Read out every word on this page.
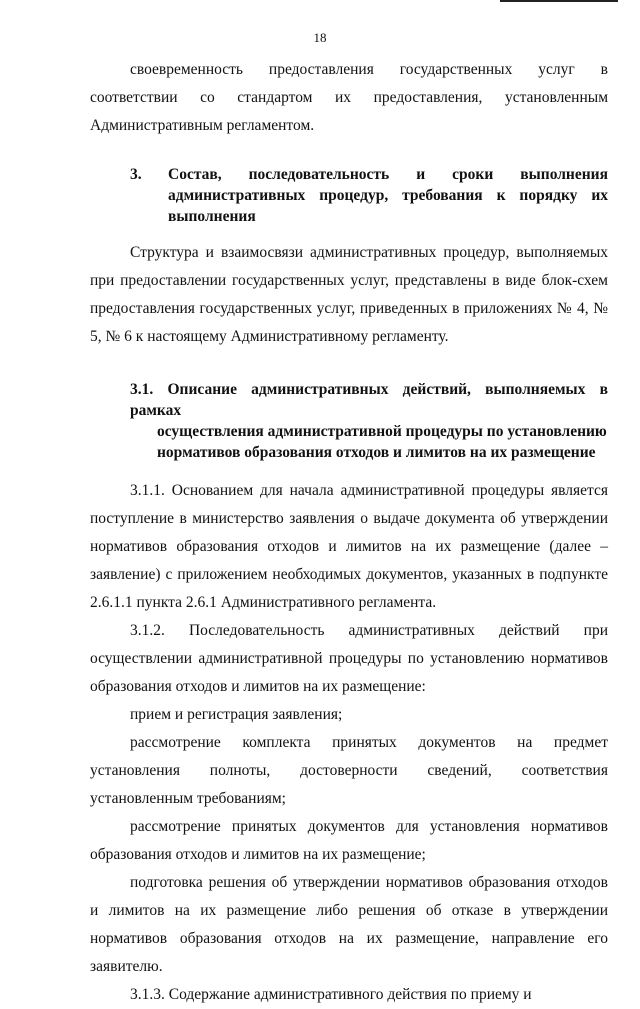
18

своевременность предоставления государственных услуг в соответствии со стандартом их предоставления, установленным Административным регламентом.

3.	Состав, последовательность и сроки выполнения административных процедур, требования к порядку их выполнения

Структура и взаимосвязи административных процедур, выполняемых при предоставлении государственных услуг, представлены в виде блок-схем предоставления государственных услуг, приведенных в приложениях № 4, № 5, № 6 к настоящему Административному регламенту.

3.1. Описание административных действий, выполняемых в рамках
осуществления административной процедуры по установлению
нормативов образования отходов и лимитов на их размещение

3.1.1. Основанием для начала административной процедуры является поступление в министерство заявления о выдаче документа об утверждении нормативов образования отходов и лимитов на их размещение (далее – заявление) с приложением необходимых документов, указанных в подпункте 2.6.1.1 пункта 2.6.1 Административного регламента.

3.1.2. Последовательность административных действий при осуществлении административной процедуры по установлению нормативов образования отходов и лимитов на их размещение:

прием и регистрация заявления;

рассмотрение комплекта принятых документов на предмет установления полноты, достоверности сведений, соответствия установленным требованиям;

рассмотрение принятых документов для установления нормативов образования отходов и лимитов на их размещение;

подготовка решения об утверждении нормативов образования отходов и лимитов на их размещение либо решения об отказе в утверждении нормативов образования отходов на их размещение, направление его заявителю.

3.1.3. Содержание административного действия по приему и
